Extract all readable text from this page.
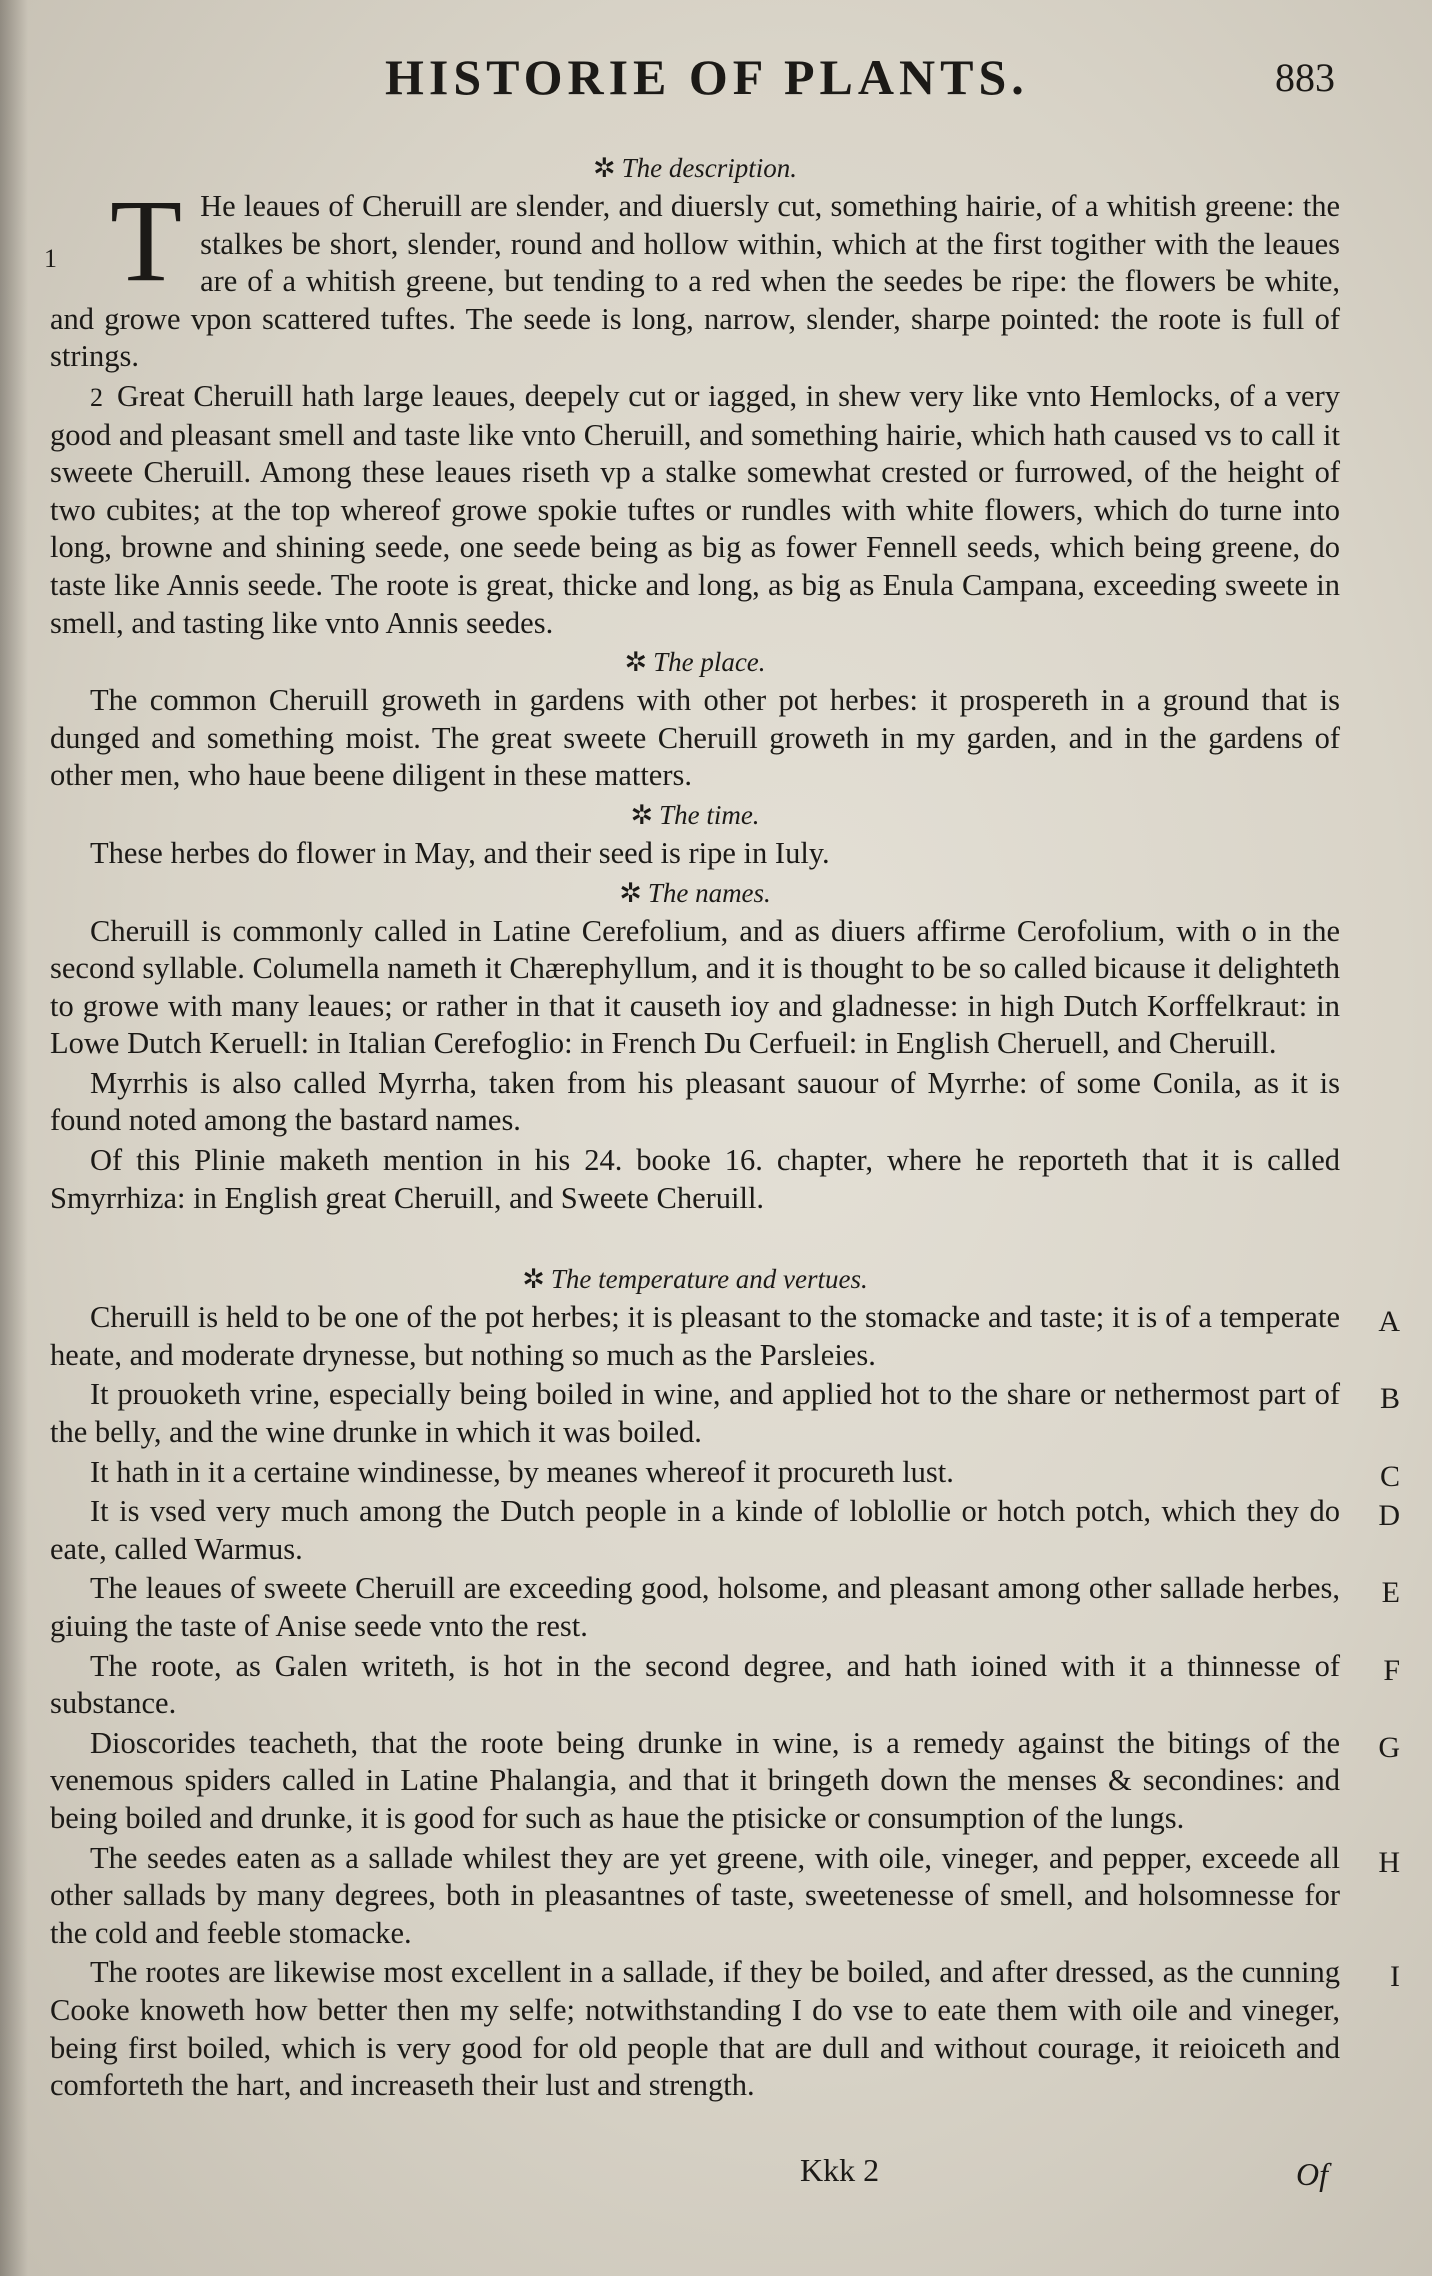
HISTORIE OF PLANTS.	883
✲ The description.
1 T He leaues of Cheruill are slender, and diuersly cut, something hairie, of a whitish greene: the stalkes be short, slender, round and hollow within, which at the first togither with the leaues are of a whitish greene, but tending to a red when the seedes be ripe: the flowers be white, and growe vpon scattered tuftes. The seede is long, narrow, slender, sharpe pointed: the roote is full of strings.
2 Great Cheruill hath large leaues, deepely cut or iagged, in shew very like vnto Hemlocks, of a very good and pleasant smell and taste like vnto Cheruill, and something hairie, which hath caused vs to call it sweete Cheruill. Among these leaues riseth vp a stalke somewhat crested or furrowed, of the height of two cubites; at the top whereof growe spokie tuftes or rundles with white flowers, which do turne into long, browne and shining seede, one seede being as big as fower Fennell seeds, which being greene, do taste like Annis seede. The roote is great, thicke and long, as big as Enula Campana, exceeding sweete in smell, and tasting like vnto Annis seedes.
✲ The place.
The common Cheruill groweth in gardens with other pot herbes: it prospereth in a ground that is dunged and something moist. The great sweete Cheruill groweth in my garden, and in the gardens of other men, who haue beene diligent in these matters.
✲ The time.
These herbes do flower in May, and their seed is ripe in Iuly.
✲ The names.
Cheruill is commonly called in Latine Cerefolium, and as diuers affirme Cerofolium, with o in the second syllable. Columella nameth it Chærephyllum, and it is thought to be so called bicause it delighteth to growe with many leaues; or rather in that it causeth ioy and gladnesse: in high Dutch Korffelkraut: in Lowe Dutch Keruell: in Italian Cerefoglio: in French Du Cerfueil: in English Cheruell, and Cheruill.
Myrrhis is also called Myrrha, taken from his pleasant sauour of Myrrhe: of some Conila, as it is found noted among the bastard names.
Of this Plinie maketh mention in his 24. booke 16. chapter, where he reporteth that it is called Smyrrhiza: in English great Cheruill, and Sweete Cheruill.
✲ The temperature and vertues.
Cheruill is held to be one of the pot herbes; it is pleasant to the stomacke and taste; it is of a temperate heate, and moderate drynesse, but nothing so much as the Parsleies.
A
It prouoketh vrine, especially being boiled in wine, and applied hot to the share or nethermost part of the belly, and the wine drunke in which it was boiled.
B
It hath in it a certaine windinesse, by meanes whereof it procureth lust.	C
It is vsed very much among the Dutch people in a kinde of loblollie or hotch potch, which they do eate, called Warmus.
D
The leaues of sweete Cheruill are exceeding good, holsome, and pleasant among other sallade herbes, giuing the taste of Anise seede vnto the rest.
E
The roote, as Galen writeth, is hot in the second degree, and hath ioined with it a thinnesse of substance.
F
Dioscorides teacheth, that the roote being drunke in wine, is a remedy against the bitings of the venemous spiders called in Latine Phalangia, and that it bringeth down the menses & secondines: and being boiled and drunke, it is good for such as haue the ptisicke or consumption of the lungs.
G
The seedes eaten as a sallade whilest they are yet greene, with oile, vineger, and pepper, exceede all other sallads by many degrees, both in pleasantnes of taste, sweetenesse of smell, and holsomnesse for the cold and feeble stomacke.
H
The rootes are likewise most excellent in a sallade, if they be boiled, and after dressed, as the cunning Cooke knoweth how better then my selfe; notwithstanding I do vse to eate them with oile and vineger, being first boiled, which is very good for old people that are dull and without courage, it reioiceth and comforteth the hart, and increaseth their lust and strength.
I
Kkk 2	Of
